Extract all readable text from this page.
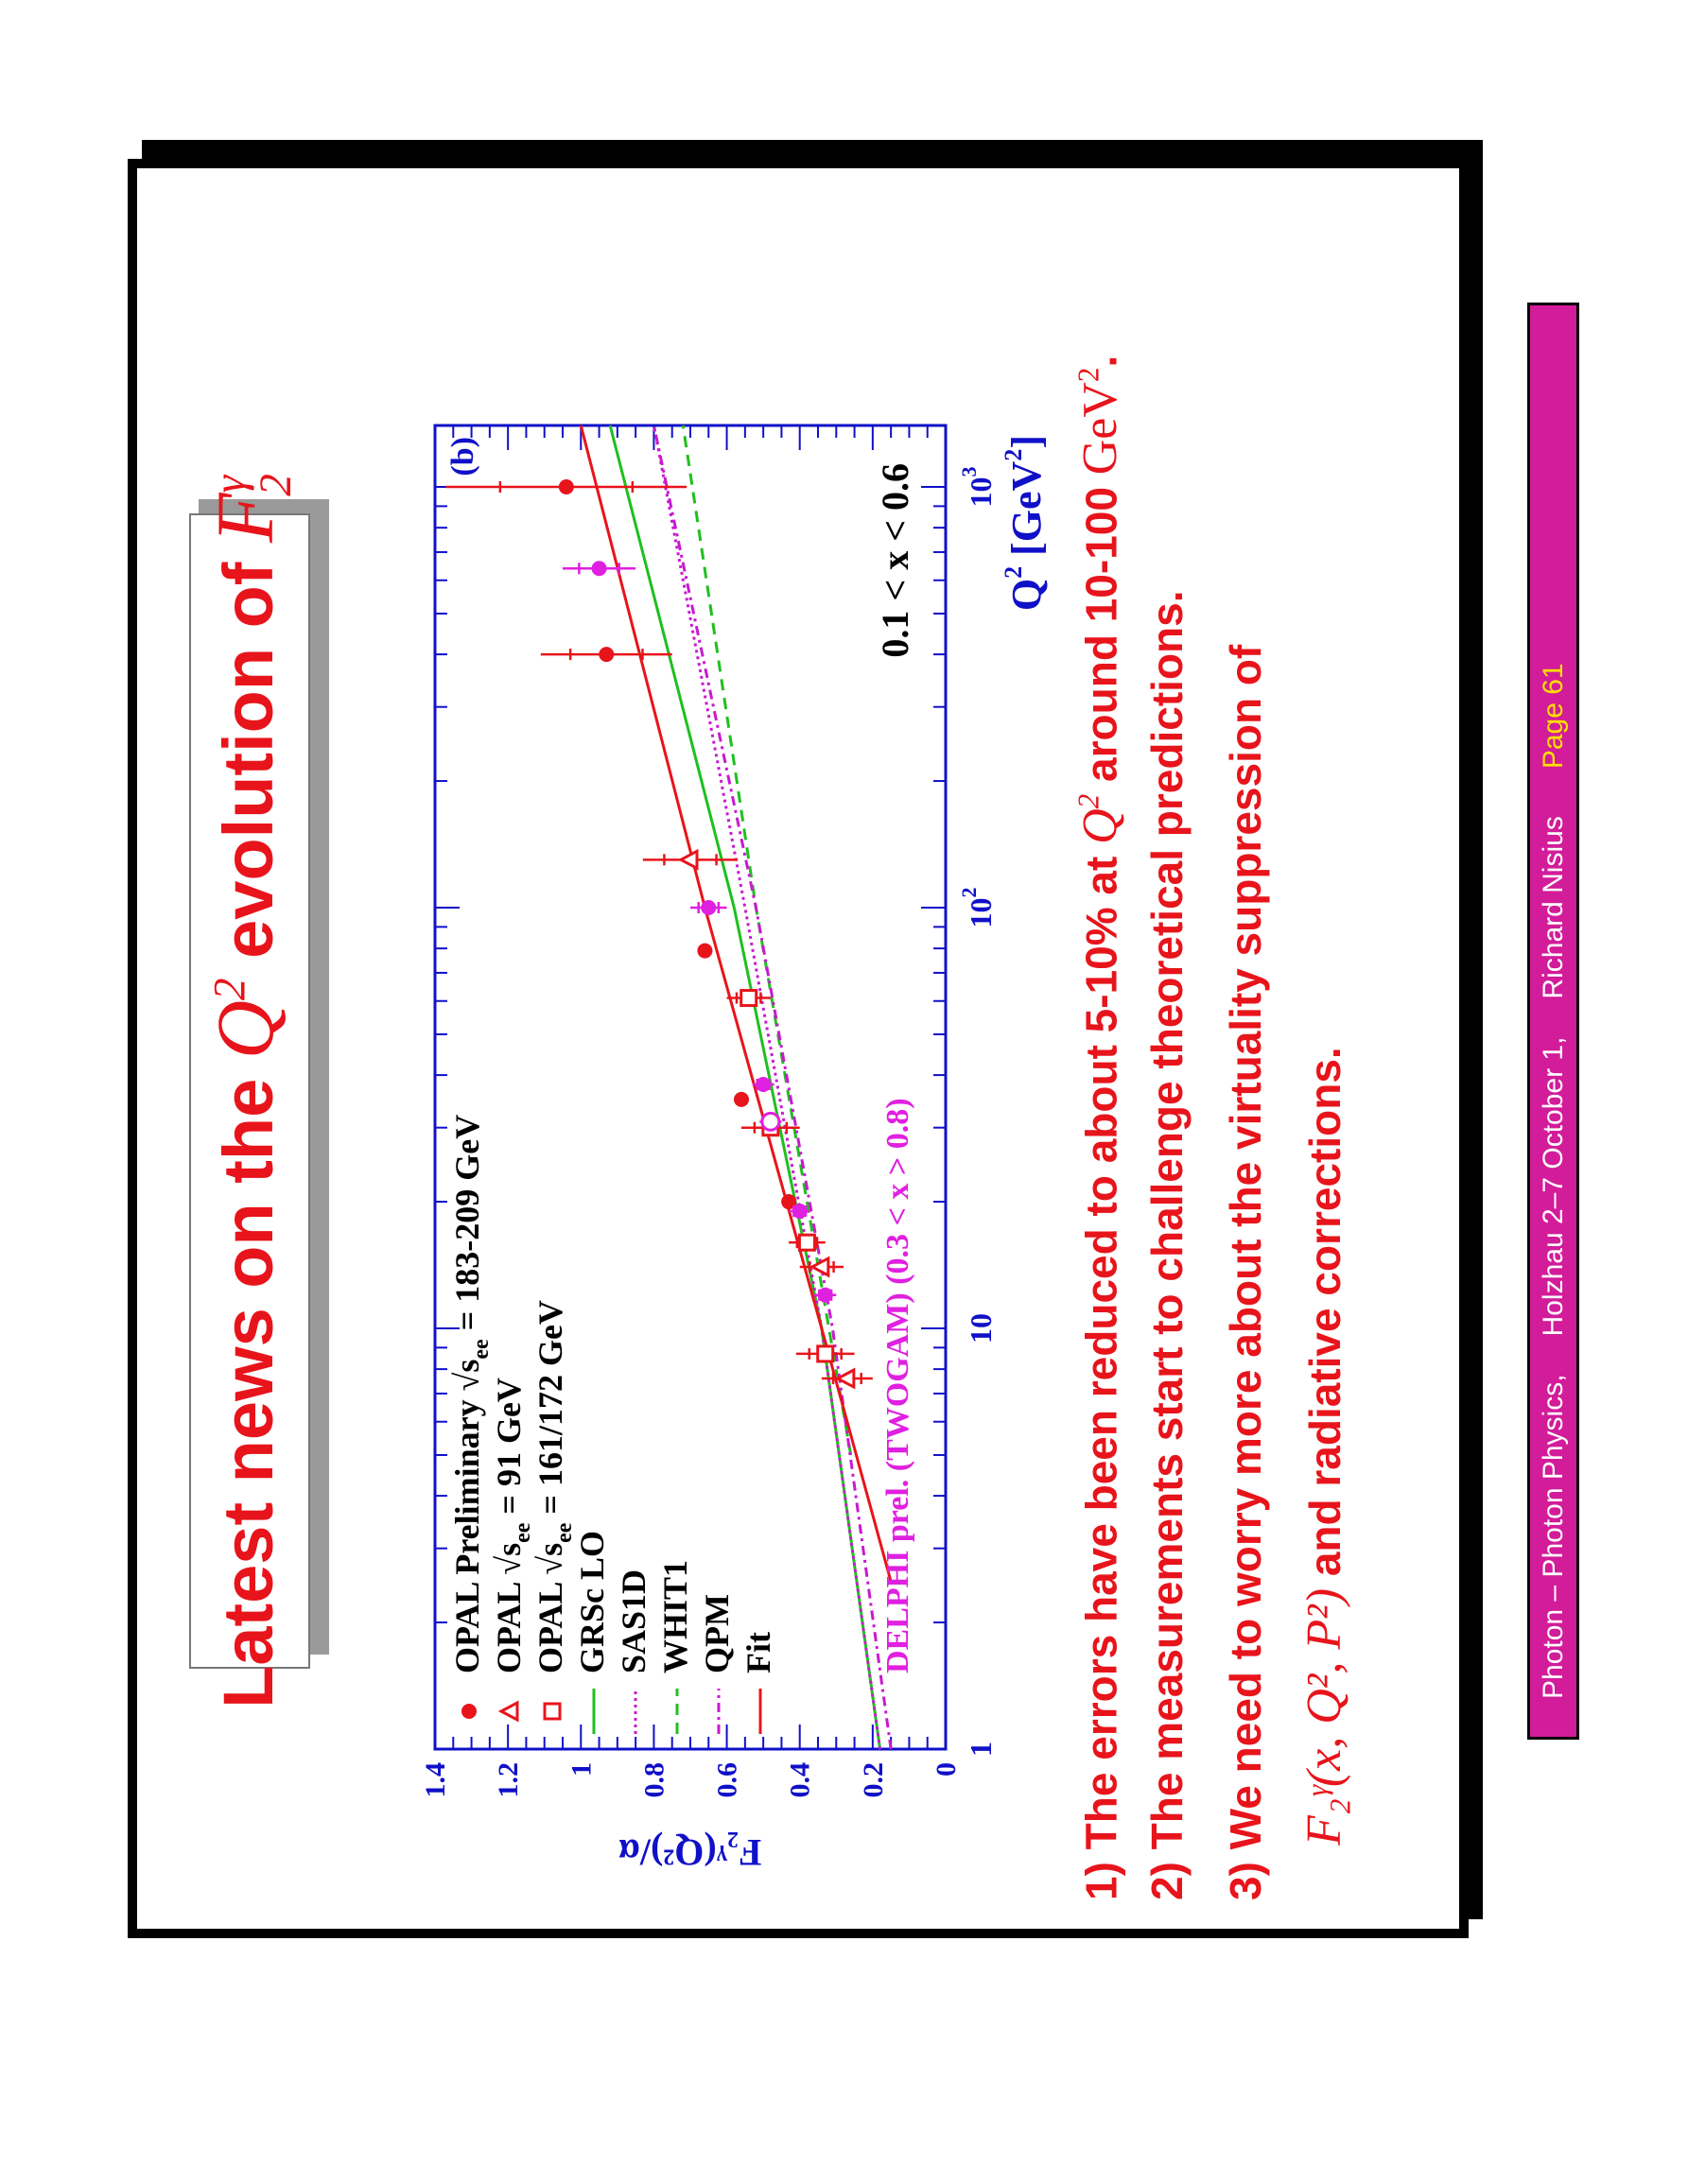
Latest news on the $Q^2$ evolution of $F^\gamma_2$
1
10
$10^2$
$10^3$
0
0.2
0.4
0.6
0.8
1
1.2
1.4
$Q^2$ [GeV$^2$]
F₂ᵞ(Q²)/α
(b)
0.1 < x < 0.6
OPAL Preliminary $√s_{ee} = 183-209$ GeV
OPAL $√s_{ee} = 91$ GeV
OPAL $√s_{ee} = 161/172$ GeV
GRSc LO SAS1D WHIT1 QPM Fit	DELPHI prel. (TWOGAM) (0.3 < x > 0.8)
1) The errors have been reduced to about 5-10% at $Q^2$ around 10-100 GeV$^2$.
2) The measurements start to challenge theoretical predictions.
3) We need to worry more about the virtuality suppression of F₂ᵞ(x, Q², P²) and radiative corrections.	Photon – Photon Physics,
Holzhau 2–7 October 1,
Richard Nisius
Page 61
